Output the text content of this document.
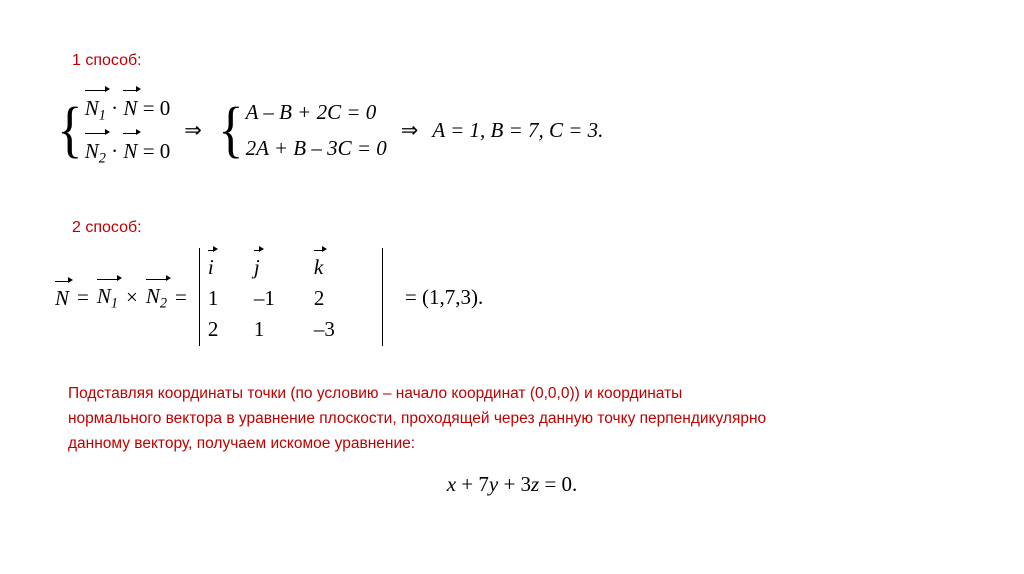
1 способ:
{ $N_1$
· N
= 0
$N_2$
· N
= 0
⇒ { A – B + 2C = 0
2A + B – 3C = 0
⇒ A = 1, B = 7, C = 3.
2 способ:
$N = N_1 \times N_2$ =
i	j	k
1	–1	2
2	1	–3
= (1,7,3).
Подставляя координаты точки (по условию – начало координат (0,0,0)) и координаты нормального вектора в уравнение плоскости, проходящей через данную точку перпендикулярно данному вектору, получаем искомое уравнение:
x + 7y + 3z = 0.
